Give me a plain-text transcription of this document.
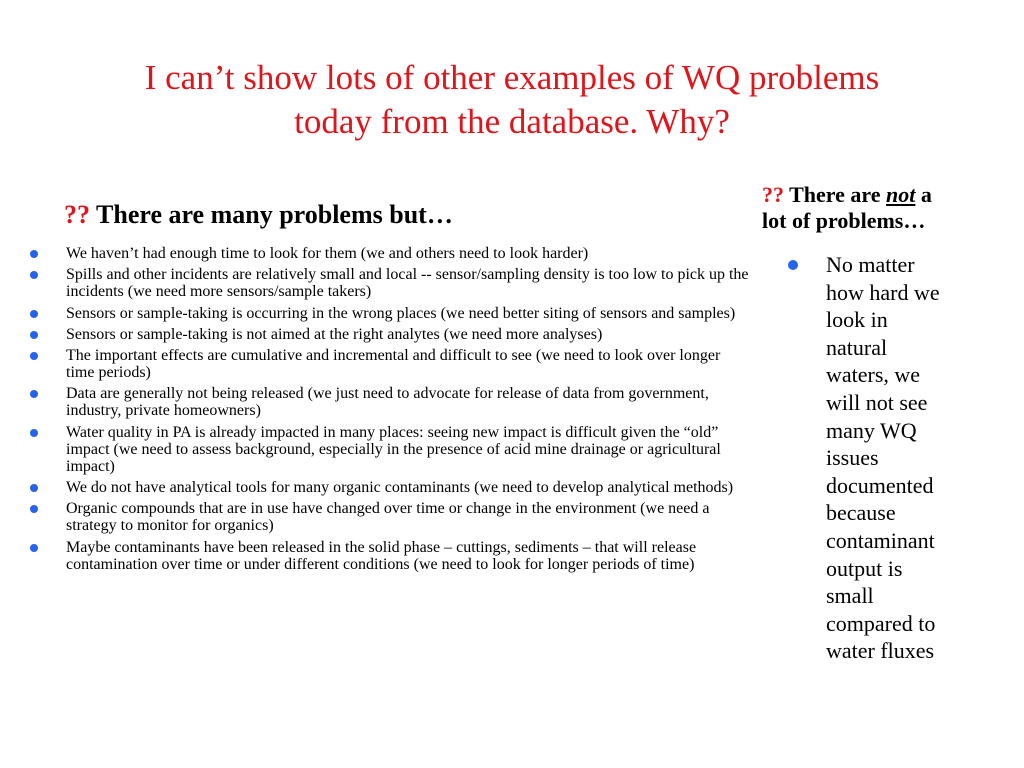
I can’t show lots of other examples of WQ problems
today from the database. Why?
?? There are many problems but…
We haven’t had enough time to look for them (we and others need to look harder)
Spills and other incidents are relatively small and local -- sensor/sampling density is too low to pick up the incidents (we need more sensors/sample takers)
Sensors or sample-taking is occurring in the wrong places (we need better siting of sensors and samples)
Sensors or sample-taking is not aimed at the right analytes (we need more analyses)
The important effects are cumulative and incremental and difficult to see (we need to look over longer time periods)
Data are generally not being released (we just need to advocate for release of data from government, industry, private homeowners)
Water quality in PA is already impacted in many places: seeing new impact is difficult given the “old” impact (we need to assess background, especially in the presence of acid mine drainage or agricultural impact)
We do not have analytical tools for many organic contaminants (we need to develop analytical methods)
Organic compounds that are in use have changed over time or change in the environment (we need a strategy to monitor for organics)
Maybe contaminants have been released in the solid phase – cuttings, sediments – that will release contamination over time or under different conditions (we need to look for longer periods of time)
?? There are not a
lot of problems…
No matter
how hard we
look in
natural
waters, we
will not see
many WQ
issues
documented
because
contaminant
output is
small
compared to
water fluxes
